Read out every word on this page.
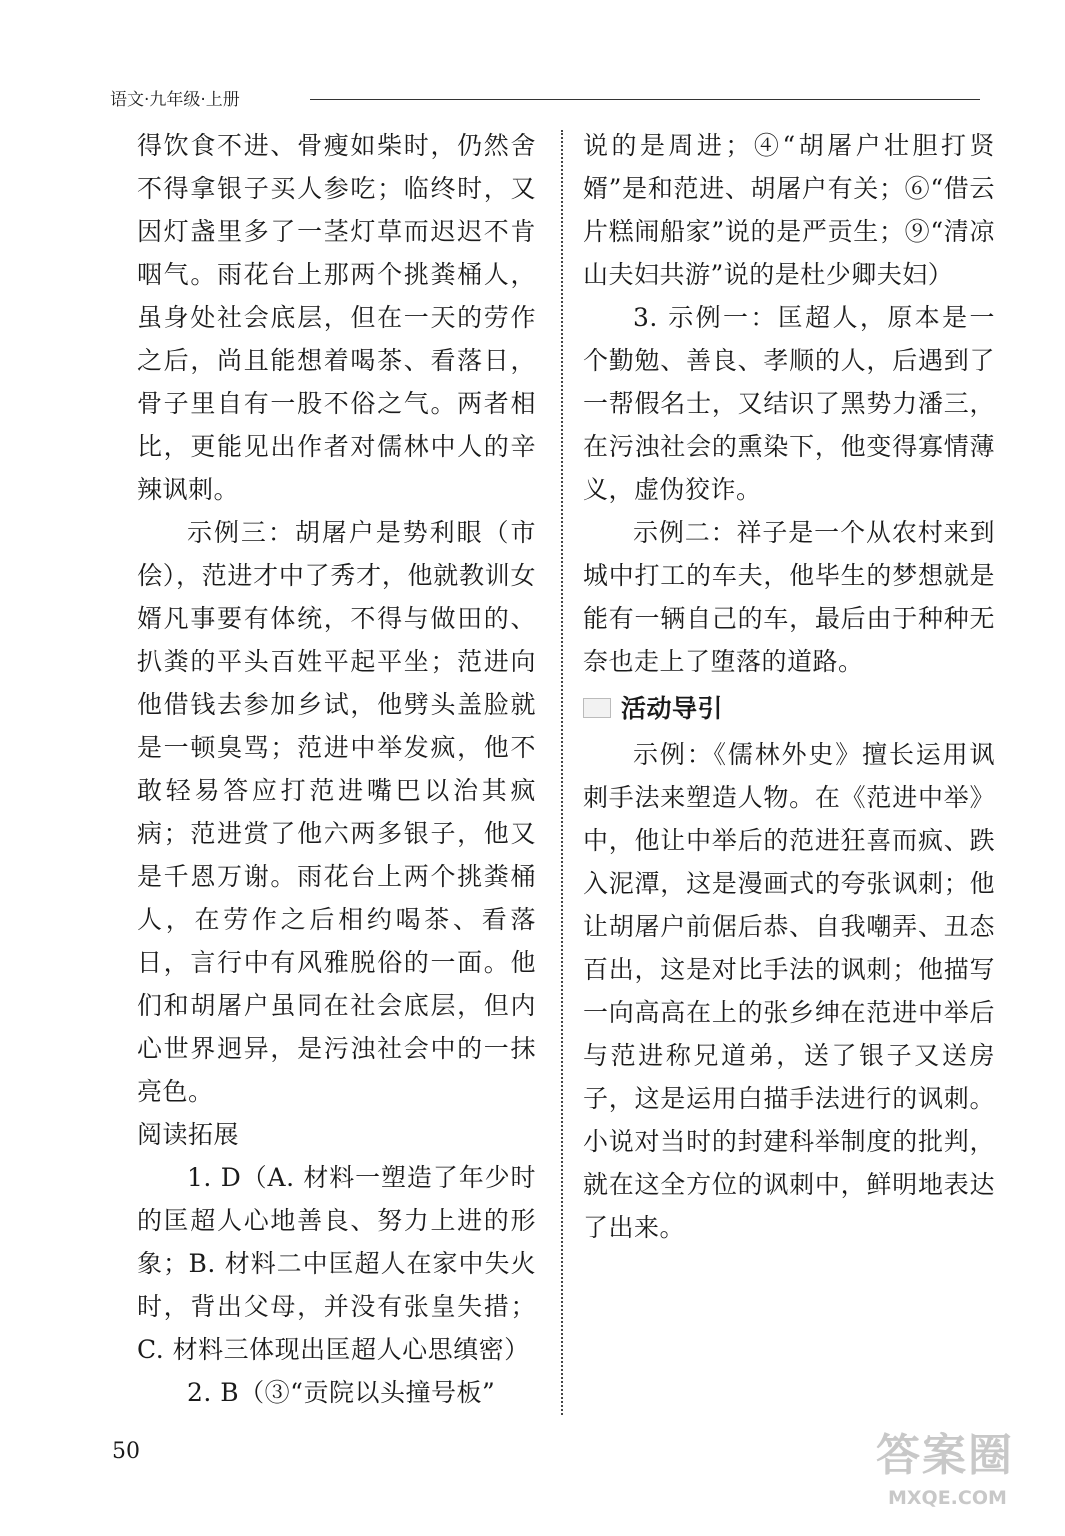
语文·九年级·上册

得饮食不进、骨瘦如柴时，仍然舍不得拿银子买人参吃；临终时，又因灯盏里多了一茎灯草而迟迟不肯咽气。雨花台上那两个挑粪桶人，虽身处社会底层，但在一天的劳作之后，尚且能想着喝茶、看落日，骨子里自有一股不俗之气。两者相比，更能见出作者对儒林中人的辛辣讽刺。

示例三：胡屠户是势利眼（市侩），范进才中了秀才，他就教训女婿凡事要有体统，不得与做田的、扒粪的平头百姓平起平坐；范进向他借钱去参加乡试，他劈头盖脸就是一顿臭骂；范进中举发疯，他不敢轻易答应打范进嘴巴以治其疯病；范进赏了他六两多银子，他又是千恩万谢。雨花台上两个挑粪桶人，在劳作之后相约喝茶、看落日，言行中有风雅脱俗的一面。他们和胡屠户虽同在社会底层，但内心世界迥异，是污浊社会中的一抹亮色。

阅读拓展

1. D（A. 材料一塑造了年少时的匡超人心地善良、努力上进的形象；B. 材料二中匡超人在家中失火时，背出父母，并没有张皇失措；C. 材料三体现出匡超人心思缜密）

2. B（③“贡院以头撞号板”

说的是周进；④“胡屠户壮胆打贤婿”是和范进、胡屠户有关；⑥“借云片糕闹船家”说的是严贡生；⑨“清凉山夫妇共游”说的是杜少卿夫妇）

3. 示例一：匡超人，原本是一个勤勉、善良、孝顺的人，后遇到了一帮假名士，又结识了黑势力潘三，在污浊社会的熏染下，他变得寡情薄义，虚伪狡诈。

示例二：祥子是一个从农村来到城中打工的车夫，他毕生的梦想就是能有一辆自己的车，最后由于种种无奈也走上了堕落的道路。

活动导引

示例：《儒林外史》擅长运用讽刺手法来塑造人物。在《范进中举》中，他让中举后的范进狂喜而疯、跌入泥潭，这是漫画式的夸张讽刺；他让胡屠户前倨后恭、自我嘲弄、丑态百出，这是对比手法的讽刺；他描写一向高高在上的张乡绅在范进中举后与范进称兄道弟，送了银子又送房子，这是运用白描手法进行的讽刺。小说对当时的封建科举制度的批判，就在这全方位的讽刺中，鲜明地表达了出来。

50	答案圈
MXQE.COM
